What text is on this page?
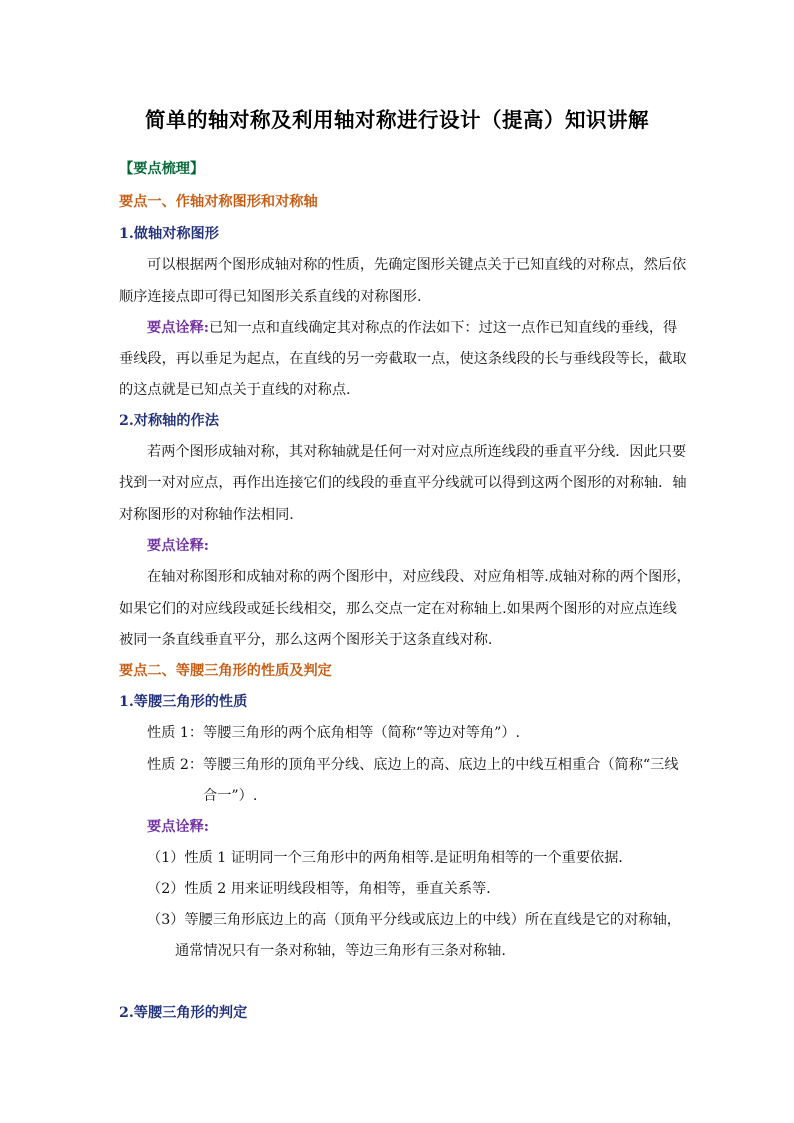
简单的轴对称及利用轴对称进行设计（提高）知识讲解
【要点梳理】
要点一、作轴对称图形和对称轴
1.做轴对称图形
可以根据两个图形成轴对称的性质，先确定图形关键点关于已知直线的对称点，然后依
顺序连接点即可得已知图形关系直线的对称图形.
要点诠释:已知一点和直线确定其对称点的作法如下：过这一点作已知直线的垂线，得
垂线段，再以垂足为起点，在直线的另一旁截取一点，使这条线段的长与垂线段等长，截取
的这点就是已知点关于直线的对称点.
2.对称轴的作法
若两个图形成轴对称，其对称轴就是任何一对对应点所连线段的垂直平分线．因此只要
找到一对对应点，再作出连接它们的线段的垂直平分线就可以得到这两个图形的对称轴．轴
对称图形的对称轴作法相同.
要点诠释:
在轴对称图形和成轴对称的两个图形中，对应线段、对应角相等.成轴对称的两个图形，
如果它们的对应线段或延长线相交，那么交点一定在对称轴上.如果两个图形的对应点连线
被同一条直线垂直平分，那么这两个图形关于这条直线对称.
要点二、等腰三角形的性质及判定
1.等腰三角形的性质
性质 1：等腰三角形的两个底角相等（简称“等边对等角”）.
性质 2：等腰三角形的顶角平分线、底边上的高、底边上的中线互相重合（简称“三线
合一”）.
要点诠释:
（1）性质 1 证明同一个三角形中的两角相等.是证明角相等的一个重要依据．
（2）性质 2 用来证明线段相等，角相等，垂直关系等．
（3）等腰三角形底边上的高（顶角平分线或底边上的中线）所在直线是它的对称轴，
通常情况只有一条对称轴，等边三角形有三条对称轴.
2.等腰三角形的判定
